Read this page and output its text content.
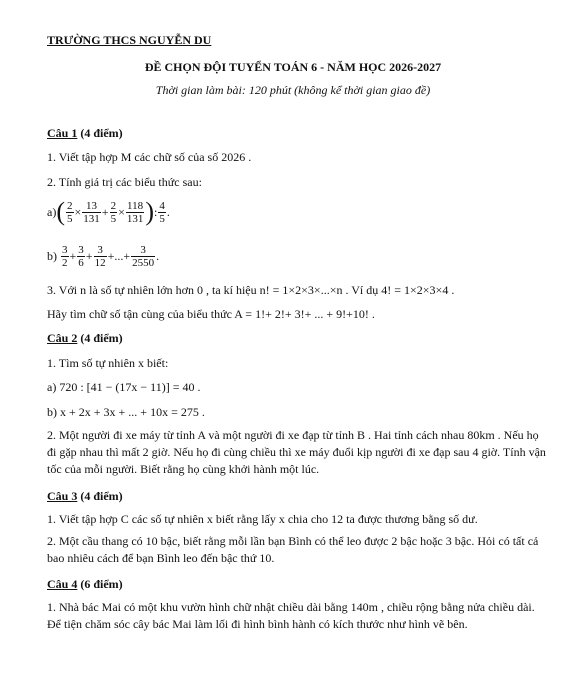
TRƯỜNG THCS NGUYỄN DU
ĐỀ CHỌN ĐỘI TUYỂN TOÁN 6 - NĂM HỌC 2026-2027
Thời gian làm bài: 120 phút (không kể thời gian giao đề)
Câu 1 (4 điểm)
1. Viết tập hợp M các chữ số của số 2026 .
2. Tính giá trị các biểu thức sau:
a) ( $\frac{2}{5} \times \frac{13}{131} + \frac{2}{5} \times \frac{118}{131}$ ) : $\frac{4}{5}$ .
$b) \frac{3}{2} + \frac{3}{6} + \frac{3}{12}$ +...+ $\frac{3}{2550}$ .
3. Với n là số tự nhiên lớn hơn 0 , ta kí hiệu n! = 1×2×3×...×n . Ví dụ 4! = 1×2×3×4 .
Hãy tìm chữ số tận cùng của biểu thức A = 1!+ 2!+ 3!+ ... + 9!+10! .
Câu 2 (4 điểm)
1. Tìm số tự nhiên x biết:
a) 720 : [41 − (17x − 11)] = 40 .
b) x + 2x + 3x + ... + 10x = 275 .
2. Một người đi xe máy từ tỉnh A và một người đi xe đạp từ tỉnh B . Hai tỉnh cách nhau 80km . Nếu họ đi gặp nhau thì mất 2 giờ. Nếu họ đi cùng chiều thì xe máy đuổi kịp người đi xe đạp sau 4 giờ. Tính vận tốc của mỗi người. Biết rằng họ cùng khởi hành một lúc.
Câu 3 (4 điểm)
1. Viết tập hợp C các số tự nhiên x biết rằng lấy x chia cho 12 ta được thương bằng số dư.
2. Một cầu thang có 10 bậc, biết rằng mỗi lần bạn Bình có thể leo được 2 bậc hoặc 3 bậc. Hỏi có tất cả bao nhiêu cách để bạn Bình leo đến bậc thứ 10.
Câu 4 (6 điểm)
1. Nhà bác Mai có một khu vườn hình chữ nhật chiều dài bằng 140m , chiều rộng bằng nửa chiều dài. Để tiện chăm sóc cây bác Mai làm lối đi hình bình hành có kích thước như hình vẽ bên.
